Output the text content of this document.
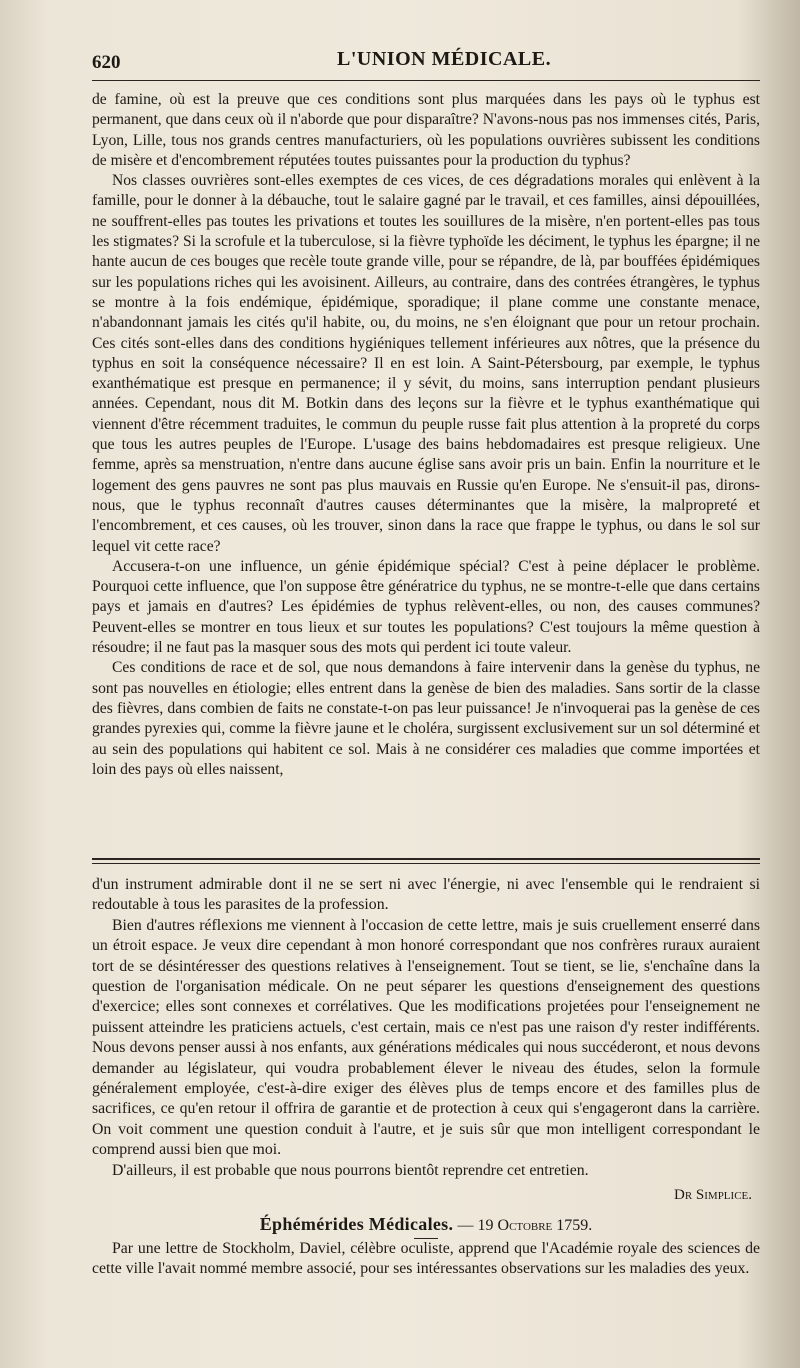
620	L'UNION MÉDICALE.

de famine, où est la preuve que ces conditions sont plus marquées dans les pays où le typhus est permanent, que dans ceux où il n'aborde que pour disparaître? N'avons-nous pas nos immenses cités, Paris, Lyon, Lille, tous nos grands centres manufacturiers, où les populations ouvrières subissent les conditions de misère et d'encombrement réputées toutes puissantes pour la production du typhus?

Nos classes ouvrières sont-elles exemptes de ces vices, de ces dégradations morales qui enlèvent à la famille, pour le donner à la débauche, tout le salaire gagné par le travail, et ces familles, ainsi dépouillées, ne souffrent-elles pas toutes les privations et toutes les souillures de la misère, n'en portent-elles pas tous les stigmates? Si la scrofule et la tuberculose, si la fièvre typhoïde les déciment, le typhus les épargne; il ne hante aucun de ces bouges que recèle toute grande ville, pour se répandre, de là, par bouffées épidémiques sur les populations riches qui les avoisinent. Ailleurs, au contraire, dans des contrées étrangères, le typhus se montre à la fois endémique, épidémique, sporadique; il plane comme une constante menace, n'abandonnant jamais les cités qu'il habite, ou, du moins, ne s'en éloignant que pour un retour prochain. Ces cités sont-elles dans des conditions hygiéniques tellement inférieures aux nôtres, que la présence du typhus en soit la conséquence nécessaire? Il en est loin. A Saint-Pétersbourg, par exemple, le typhus exanthématique est presque en permanence; il y sévit, du moins, sans interruption pendant plusieurs années. Cependant, nous dit M. Botkin dans des leçons sur la fièvre et le typhus exanthématique qui viennent d'être récemment traduites, le commun du peuple russe fait plus attention à la propreté du corps que tous les autres peuples de l'Europe. L'usage des bains hebdomadaires est presque religieux. Une femme, après sa menstruation, n'entre dans aucune église sans avoir pris un bain. Enfin la nourriture et le logement des gens pauvres ne sont pas plus mauvais en Russie qu'en Europe. Ne s'ensuit-il pas, dirons-nous, que le typhus reconnaît d'autres causes déterminantes que la misère, la malpropreté et l'encombrement, et ces causes, où les trouver, sinon dans la race que frappe le typhus, ou dans le sol sur lequel vit cette race?

Accusera-t-on une influence, un génie épidémique spécial? C'est à peine déplacer le problème. Pourquoi cette influence, que l'on suppose être génératrice du typhus, ne se montre-t-elle que dans certains pays et jamais en d'autres? Les épidémies de typhus relèvent-elles, ou non, des causes communes? Peuvent-elles se montrer en tous lieux et sur toutes les populations? C'est toujours la même question à résoudre; il ne faut pas la masquer sous des mots qui perdent ici toute valeur.

Ces conditions de race et de sol, que nous demandons à faire intervenir dans la genèse du typhus, ne sont pas nouvelles en étiologie; elles entrent dans la genèse de bien des maladies. Sans sortir de la classe des fièvres, dans combien de faits ne constate-t-on pas leur puissance! Je n'invoquerai pas la genèse de ces grandes pyrexies qui, comme la fièvre jaune et le choléra, surgissent exclusivement sur un sol déterminé et au sein des populations qui habitent ce sol. Mais à ne considérer ces maladies que comme importées et loin des pays où elles naissent,

d'un instrument admirable dont il ne se sert ni avec l'énergie, ni avec l'ensemble qui le rendraient si redoutable à tous les parasites de la profession.

Bien d'autres réflexions me viennent à l'occasion de cette lettre, mais je suis cruellement enserré dans un étroit espace. Je veux dire cependant à mon honoré correspondant que nos confrères ruraux auraient tort de se désintéresser des questions relatives à l'enseignement. Tout se tient, se lie, s'enchaîne dans la question de l'organisation médicale. On ne peut séparer les questions d'enseignement des questions d'exercice; elles sont connexes et corrélatives. Que les modifications projetées pour l'enseignement ne puissent atteindre les praticiens actuels, c'est certain, mais ce n'est pas une raison d'y rester indifférents. Nous devons penser aussi à nos enfants, aux générations médicales qui nous succéderont, et nous devons demander au législateur, qui voudra probablement élever le niveau des études, selon la formule généralement employée, c'est-à-dire exiger des élèves plus de temps encore et des familles plus de sacrifices, ce qu'en retour il offrira de garantie et de protection à ceux qui s'engageront dans la carrière. On voit comment une question conduit à l'autre, et je suis sûr que mon intelligent correspondant le comprend aussi bien que moi.

D'ailleurs, il est probable que nous pourrons bientôt reprendre cet entretien.

Dr Simplice.
Éphémérides Médicales. — 19 Octobre 1759.

Par une lettre de Stockholm, Daviel, célèbre oculiste, apprend que l'Académie royale des sciences de cette ville l'avait nommé membre associé, pour ses intéressantes observations sur les maladies des yeux.
